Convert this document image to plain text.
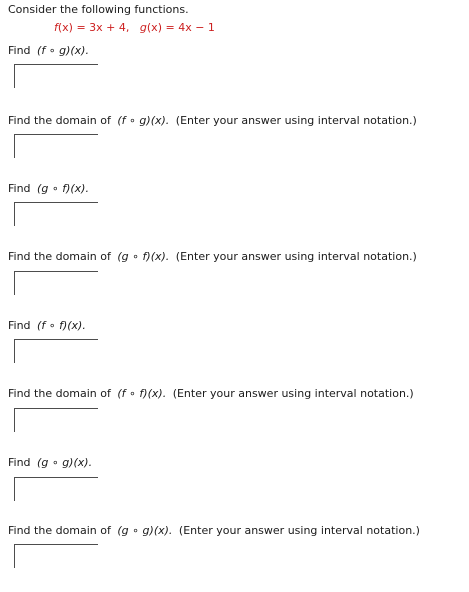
Consider the following functions.
f(x) = 3x + 4, g(x) = 4x − 1
Find (f ∘ g)(x).
Find the domain of (f ∘ g)(x). (Enter your answer using interval notation.)
Find (g ∘ f)(x).
Find the domain of (g ∘ f)(x). (Enter your answer using interval notation.)
Find (f ∘ f)(x).
Find the domain of (f ∘ f)(x). (Enter your answer using interval notation.)
Find (g ∘ g)(x).
Find the domain of (g ∘ g)(x). (Enter your answer using interval notation.)
